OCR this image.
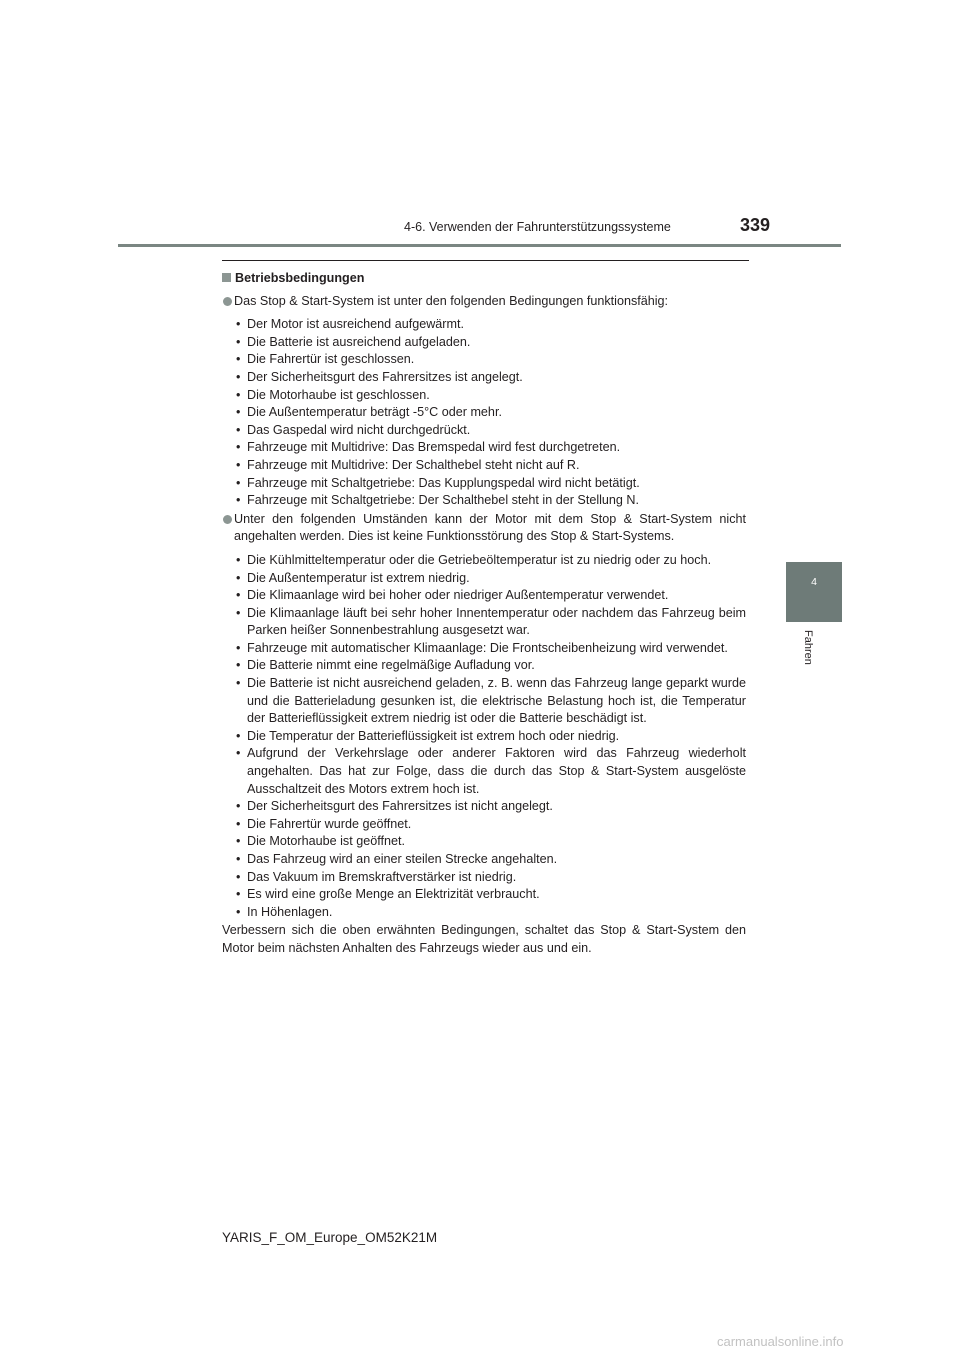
4-6. Verwenden der Fahrunterstützungssysteme	339
4
Fahren
Betriebsbedingungen

Das Stop & Start-System ist unter den folgenden Bedingungen funktionsfähig:

• Der Motor ist ausreichend aufgewärmt.
• Die Batterie ist ausreichend aufgeladen.
• Die Fahrertür ist geschlossen.
• Der Sicherheitsgurt des Fahrersitzes ist angelegt.
• Die Motorhaube ist geschlossen.
• Die Außentemperatur beträgt -5°C oder mehr.
• Das Gaspedal wird nicht durchgedrückt.
• Fahrzeuge mit Multidrive: Das Bremspedal wird fest durchgetreten.
• Fahrzeuge mit Multidrive: Der Schalthebel steht nicht auf R.
• Fahrzeuge mit Schaltgetriebe: Das Kupplungspedal wird nicht betätigt.
• Fahrzeuge mit Schaltgetriebe: Der Schalthebel steht in der Stellung N.

Unter den folgenden Umständen kann der Motor mit dem Stop & Start-System nicht angehalten werden. Dies ist keine Funktionsstörung des Stop & Start-Systems.

• Die Kühlmitteltemperatur oder die Getriebeöltemperatur ist zu niedrig oder zu hoch.
• Die Außentemperatur ist extrem niedrig.
• Die Klimaanlage wird bei hoher oder niedriger Außentemperatur verwendet.
• Die Klimaanlage läuft bei sehr hoher Innentemperatur oder nachdem das Fahrzeug beim Parken heißer Sonnenbestrahlung ausgesetzt war.
• Fahrzeuge mit automatischer Klimaanlage: Die Frontscheibenheizung wird verwendet.
• Die Batterie nimmt eine regelmäßige Aufladung vor.
• Die Batterie ist nicht ausreichend geladen, z. B. wenn das Fahrzeug lange geparkt wurde und die Batterieladung gesunken ist, die elektrische Belastung hoch ist, die Temperatur der Batterieflüssigkeit extrem niedrig ist oder die Batterie beschädigt ist.
• Die Temperatur der Batterieflüssigkeit ist extrem hoch oder niedrig.
• Aufgrund der Verkehrslage oder anderer Faktoren wird das Fahrzeug wiederholt angehalten. Das hat zur Folge, dass die durch das Stop & Start-System ausgelöste Ausschaltzeit des Motors extrem hoch ist.
• Der Sicherheitsgurt des Fahrersitzes ist nicht angelegt.
• Die Fahrertür wurde geöffnet.
• Die Motorhaube ist geöffnet.
• Das Fahrzeug wird an einer steilen Strecke angehalten.
• Das Vakuum im Bremskraftverstärker ist niedrig.
• Es wird eine große Menge an Elektrizität verbraucht.
• In Höhenlagen.

Verbessern sich die oben erwähnten Bedingungen, schaltet das Stop & Start-System den Motor beim nächsten Anhalten des Fahrzeugs wieder aus und ein.

YARIS_F_OM_Europe_OM52K21M
carmanualsonline.info
